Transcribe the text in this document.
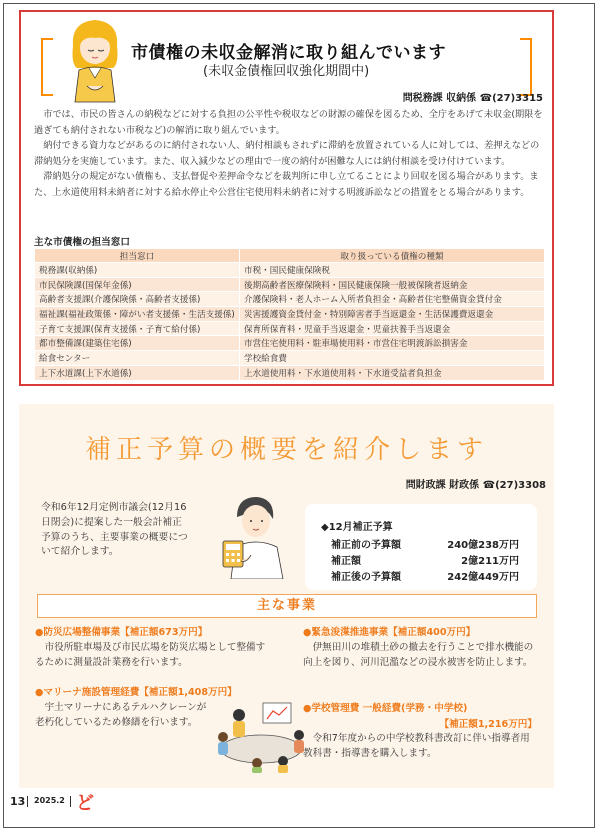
市債権の未収金解消に取り組んでいます
(未収金債権回収強化期間中)
問税務課 収納係 ☎(27)3315

市では、市民の皆さんの納税などに対する負担の公平性や税収などの財源の確保を図るため、全庁をあげて未収金(期限を過ぎても納付されない市税など)の解消に取り組んでいます。

納付できる資力などがあるのに納付されない人、納付相談もされずに滞納を放置されている人に対しては、差押えなどの滞納処分を実施しています。また、収入減少などの理由で一度の納付が困難な人には納付相談を受け付けています。

滞納処分の規定がない債権も、支払督促や差押命令などを裁判所に申し立てることにより回収を図る場合があります。また、上水道使用料未納者に対する給水停止や公営住宅使用料未納者に対する明渡訴訟などの措置をとる場合があります。

主な市債権の担当窓口
担当窓口	取り扱っている債権の種類
税務課(収納係)	市税・国民健康保険税
市民保険課(国保年金係)	後期高齢者医療保険料・国民健康保険一般被保険者返納金
高齢者支援課(介護保険係・高齢者支援係)	介護保険料・老人ホーム入所者負担金・高齢者住宅整備資金貸付金
福祉課(福祉政策係・障がい者支援係・生活支援係)	災害援護資金貸付金・特別障害者手当返還金・生活保護費返還金
子育て支援課(保育支援係・子育て給付係)	保育所保育料・児童手当返還金・児童扶養手当返還金
都市整備課(建築住宅係)	市営住宅使用料・駐車場使用料・市営住宅明渡訴訟損害金
給食センター	学校給食費
上下水道課(上下水道係)	上水道使用料・下水道使用料・下水道受益者負担金
補正予算の概要を紹介します
問財政課 財政係 ☎(27)3308
令和6年12月定例市議会(12月16日閉会)に提案した一般会計補正予算のうち、主要事業の概要について紹介します。
◆12月補正予算
補正前の予算額	240億238万円
補正額	2億211万円
補正後の予算額	242億449万円
主な事業
●防災広場整備事業【補正額673万円】

市役所駐車場及び市民広場を防災広場として整備するために測量設計業務を行います。

●マリーナ施設管理経費【補正額1,408万円】

宇土マリーナにあるテルハクレーンが老朽化しているため修繕を行います。

●緊急浚渫推進事業【補正額400万円】

伊無田川の堆積土砂の撤去を行うことで排水機能の向上を図り、河川氾濫などの浸水被害を防止します。

●学校管理費 一般経費(学務・中学校)
【補正額1,216万円】

令和7年度からの中学校教科書改訂に伴い指導者用教科書・指導書を購入します。

13 2025.2 ど
